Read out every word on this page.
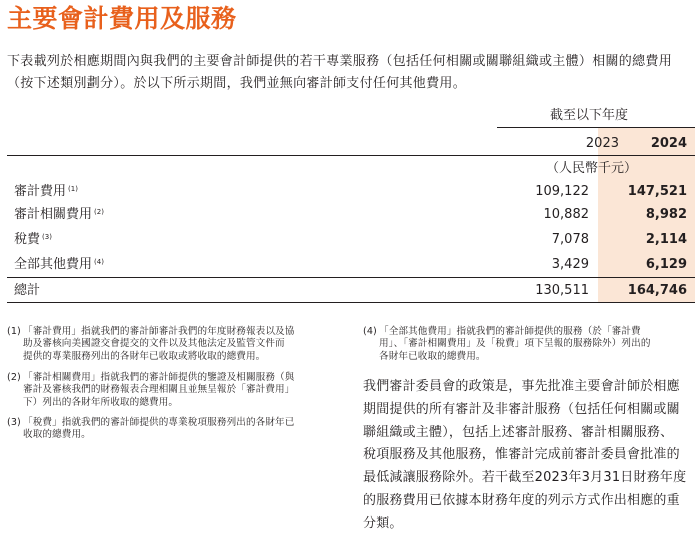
主要會計費用及服務
下表載列於相應期間內與我們的主要會計師提供的若干專業服務（包括任何相關或關聯組織或主體）相關的總費用
（按下述類別劃分）。於以下所示期間，我們並無向審計師支付任何其他費用。
截至以下年度
2023	2024
（人民幣千元）
審計費用 $^{(1)}$	109,122	147,521
審計相關費用 $^{(2)}$	10,882	8,982
稅費 $^{(3)}$	7,078	2,114
全部其他費用 $^{(4)}$	3,429	6,129
總計	130,511	164,746
(1) 「審計費用」指就我們的審計師審計我們的年度財務報表以及協
助及審核向美國證交會提交的文件以及其他法定及監管文件而
提供的專業服務列出的各財年已收取或將收取的總費用。
(2) 「審計相關費用」指就我們的審計師提供的鑒證及相關服務（與
審計及審核我們的財務報表合理相關且並無呈報於「審計費用」
下）列出的各財年所收取的總費用。
(3) 「稅費」指就我們的審計師提供的專業稅項服務列出的各財年已
收取的總費用。
(4) 「全部其他費用」指就我們的審計師提供的服務（於「審計費
用」、「審計相關費用」及「稅費」項下呈報的服務除外）列出的
各財年已收取的總費用。
我們審計委員會的政策是，事先批准主要會計師於相應
期間提供的所有審計及非審計服務（包括任何相關或關
聯組織或主體），包括上述審計服務、審計相關服務、
稅項服務及其他服務，惟審計完成前審計委員會批准的
最低減讓服務除外。若干截至2023年3月31日財務年度
的服務費用已依據本財務年度的列示方式作出相應的重
分類。
